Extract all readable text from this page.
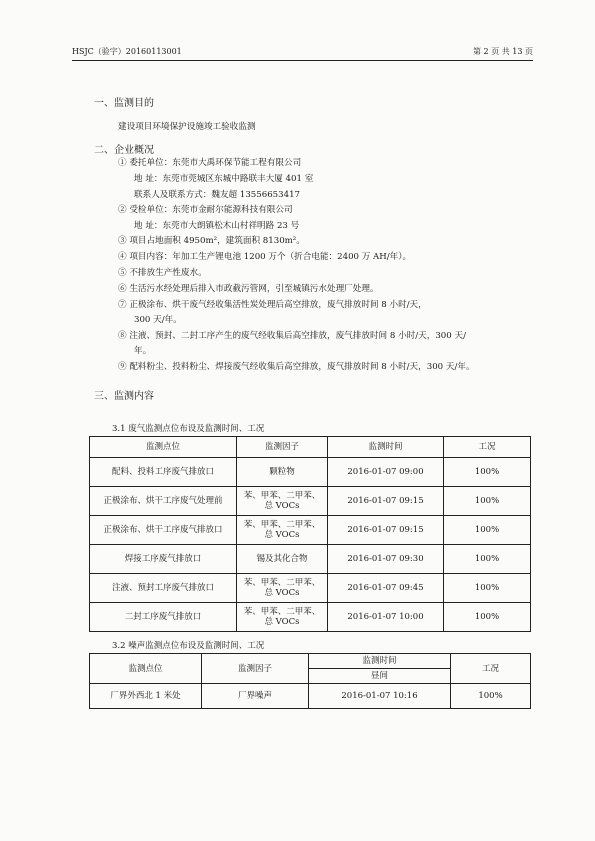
HSJC（验字）20160113001	第 2 页 共 13 页
一、监测目的
建设项目环境保护设施竣工验收监测
二、企业概况
① 委托单位：东莞市大禹环保节能工程有限公司
地 址：东莞市莞城区东城中路联丰大厦 401 室
联系人及联系方式：魏友超 13556653417
② 受检单位：东莞市金耐尔能源科技有限公司
地 址：东莞市大朗镇松木山村祥明路 23 号
③ 项目占地面积 4950m²，建筑面积 8130m²。
④ 项目内容：年加工生产锂电池 1200 万个（折合电能：2400 万 AH/年）。
⑤ 不排放生产性废水。
⑥ 生活污水经处理后排入市政截污管网，引至城镇污水处理厂处理。
⑦ 正极涂布、烘干废气经收集活性炭处理后高空排放，废气排放时间 8 小时/天，
300 天/年。
⑧ 注液、预封、二封工序产生的废气经收集后高空排放，废气排放时间 8 小时/天，300 天/
年。
⑨ 配料粉尘、投料粉尘、焊接废气经收集后高空排放，废气排放时间 8 小时/天，300 天/年。
三、监测内容
3.1 废气监测点位布设及监测时间、工况
监测点位	监测因子	监测时间	工况
配料、投料工序废气排放口	颗粒物	2016-01-07 09:00	100%
正极涂布、烘干工序废气处理前	苯、甲苯、二甲苯、
总 VOCs	2016-01-07 09:15	100%
正极涂布、烘干工序废气排放口	苯、甲苯、二甲苯、
总 VOCs	2016-01-07 09:15	100%
焊接工序废气排放口	锡及其化合物	2016-01-07 09:30	100%
注液、预封工序废气排放口	苯、甲苯、二甲苯、
总 VOCs	2016-01-07 09:45	100%
二封工序废气排放口	苯、甲苯、二甲苯、
总 VOCs	2016-01-07 10:00	100%
3.2 噪声监测点位布设及监测时间、工况
监测点位	监测因子	监测时间	工况
		昼间	
厂界外西北 1 米处	厂界噪声	2016-01-07 10:16	100%
